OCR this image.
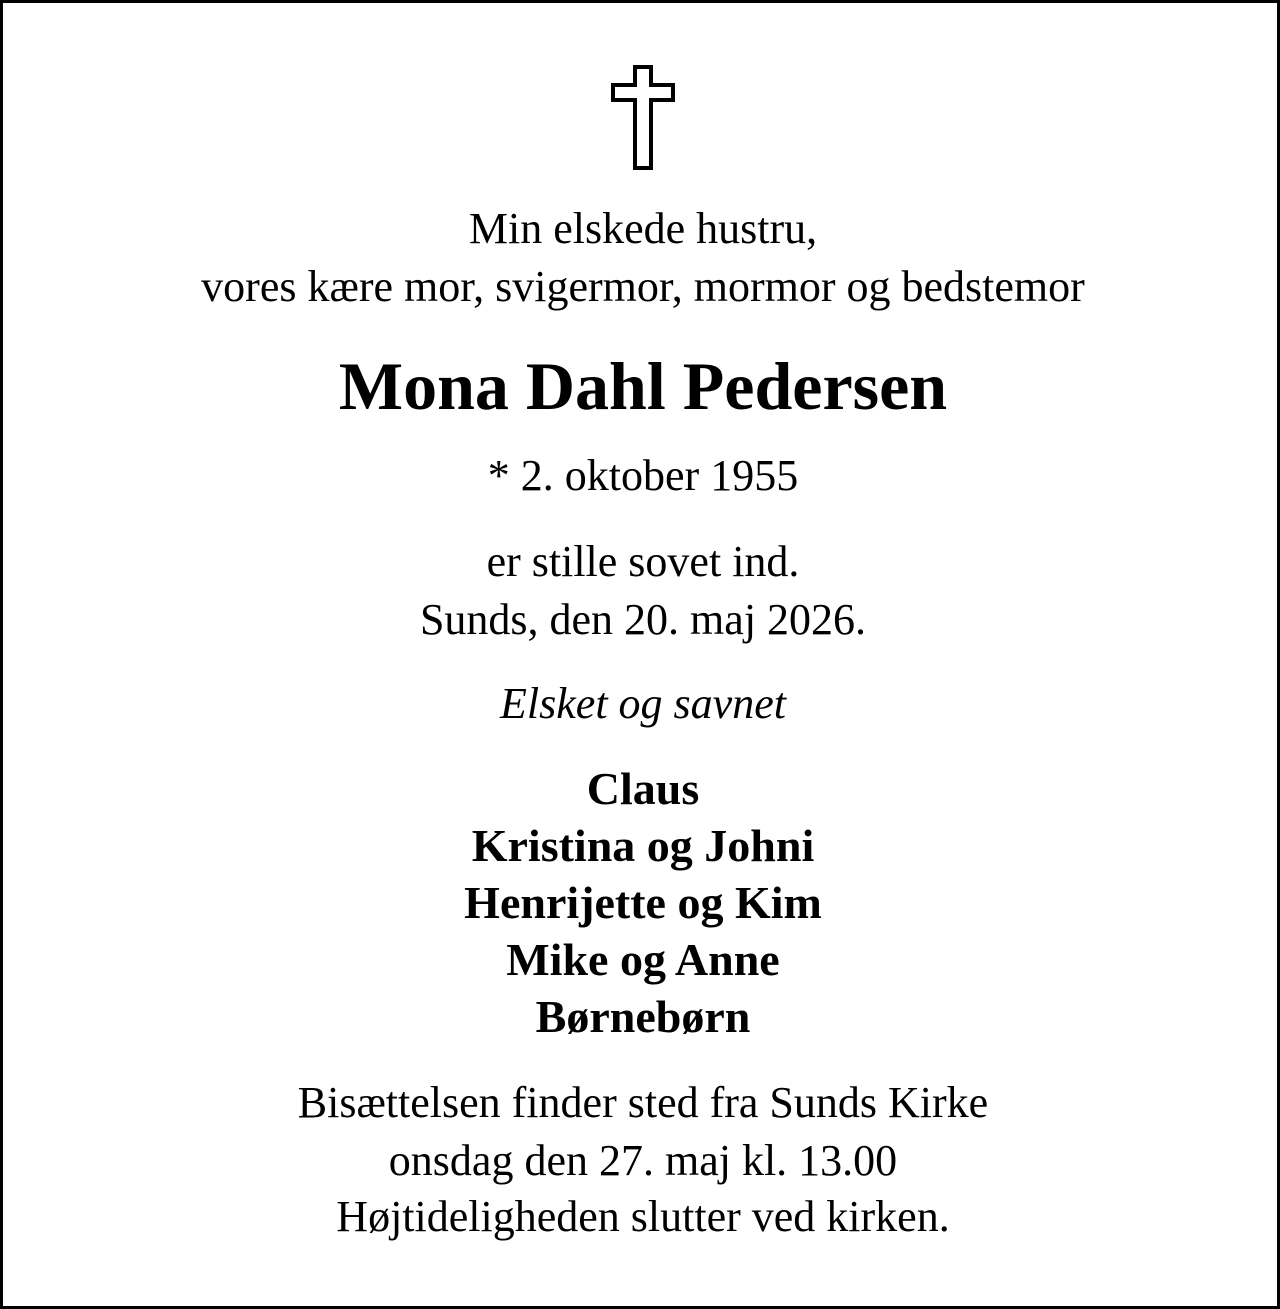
Min elskede hustru,
vores kære mor, svigermor, mormor og bedstemor
Mona Dahl Pedersen
* 2. oktober 1955
er stille sovet ind.
Sunds, den 20. maj 2026.
Elsket og savnet
Claus
Kristina og Johni
Henrijette og Kim
Mike og Anne
Børnebørn
Bisættelsen finder sted fra Sunds Kirke
onsdag den 27. maj kl. 13.00
Højtideligheden slutter ved kirken.
